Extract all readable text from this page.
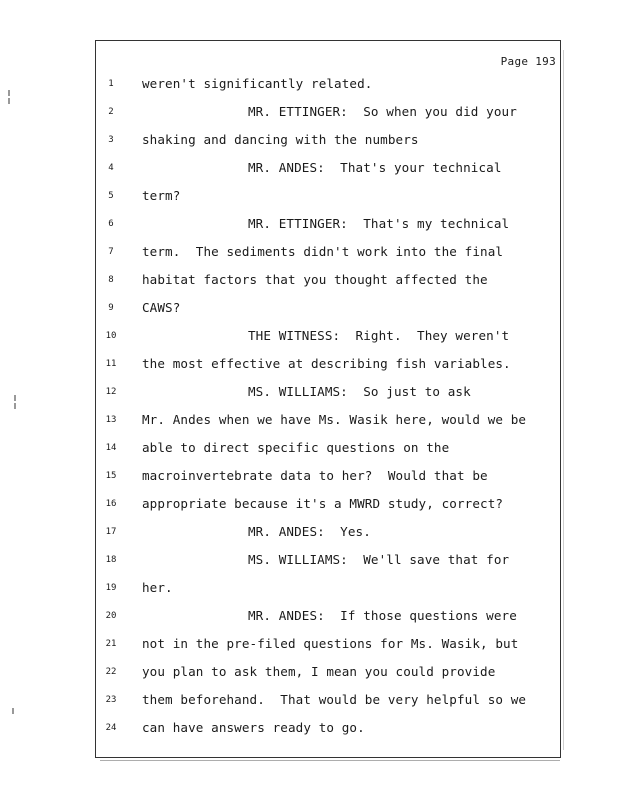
Page 193
1	weren't significantly related.
2	MR. ETTINGER:  So when you did your
3	shaking and dancing with the numbers
4	MR. ANDES:  That's your technical
5	term?
6	MR. ETTINGER:  That's my technical
7	term.  The sediments didn't work into the final
8	habitat factors that you thought affected the
9	CAWS?
10	THE WITNESS:  Right.  They weren't
11	the most effective at describing fish variables.
12	MS. WILLIAMS:  So just to ask
13	Mr. Andes when we have Ms. Wasik here, would we be
14	able to direct specific questions on the
15	macroinvertebrate data to her?  Would that be
16	appropriate because it's a MWRD study, correct?
17	MR. ANDES:  Yes.
18	MS. WILLIAMS:  We'll save that for
19	her.
20	MR. ANDES:  If those questions were
21	not in the pre-filed questions for Ms. Wasik, but
22	you plan to ask them, I mean you could provide
23	them beforehand.  That would be very helpful so we
24	can have answers ready to go.
